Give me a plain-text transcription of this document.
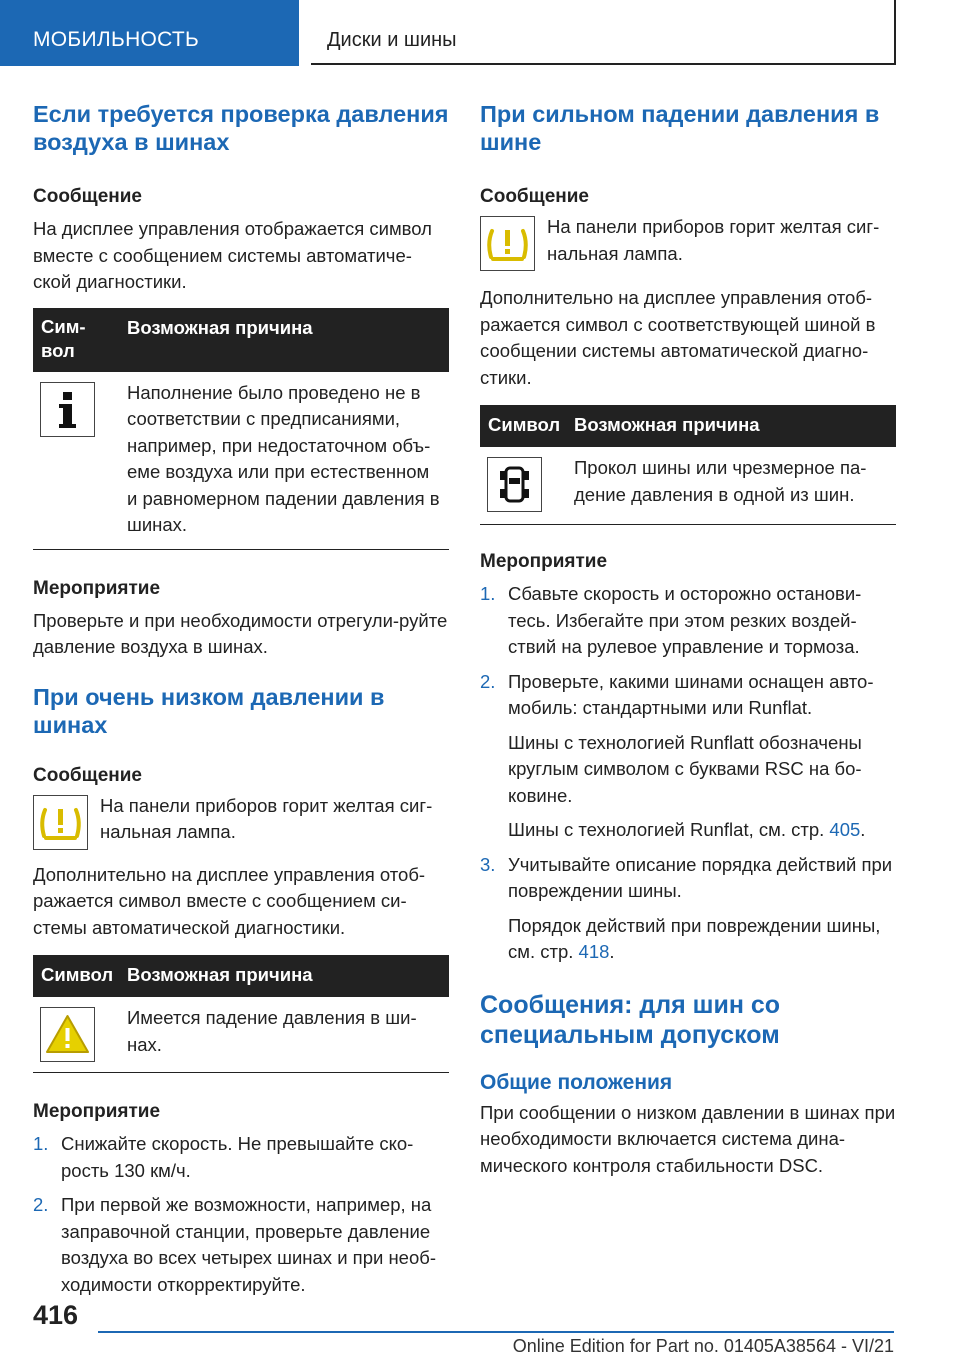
МОБИЛЬНОСТЬ	Диски и шины
Если требуется проверка давления воздуха в шинах
Сообщение

На дисплее управления отображается символ вместе с сообщением системы автоматиче-ской диагностики.

Сим-вол
Возможная причина
Наполнение было проведено не в соответствии с предписаниями, например, при недостаточном объ-еме воздуха или при естественном и равномерном падении давления в шинах.
Мероприятие

Проверьте и при необходимости отрегули-руйте давление воздуха в шинах.

При очень низком давлении в шинах
Сообщение

На панели приборов горит желтая сиг-нальная лампа.

Дополнительно на дисплее управления отоб-ражается символ вместе с сообщением си-стемы автоматической диагностики.

Символ Возможная причина
Имеется падение давления в ши-нах.
Мероприятие
1. Снижайте скорость. Не превышайте ско-рость 130 км/ч.
2. При первой же возможности, например, на заправочной станции, проверьте давление воздуха во всех четырех шинах и при необ-ходимости откорректируйте.
При сильном падении давления в шине
Сообщение

На панели приборов горит желтая сиг-нальная лампа.

Дополнительно на дисплее управления отоб-ражается символ с соответствующей шиной в сообщении системы автоматической диагно-стики.

Символ Возможная причина
Прокол шины или чрезмерное па-дение давления в одной из шин.
Мероприятие
1. Сбавьте скорость и осторожно останови-тесь. Избегайте при этом резких воздей-ствий на рулевое управление и тормоза.
2. Проверьте, какими шинами оснащен авто-мобиль: стандартными или Runflat.
Шины с технологией Runflatt обозначены круглым символом с буквами RSC на бо-ковине.
Шины с технологией Runflat, см. стр. 405.
3. Учитывайте описание порядка действий при повреждении шины.
Порядок действий при повреждении шины, см. стр. 418.
Сообщения: для шин со специальным допуском
Общие положения

При сообщении о низком давлении в шинах при необходимости включается система дина-мического контроля стабильности DSC.

416
Online Edition for Part no. 01405A38564 - VI/21
